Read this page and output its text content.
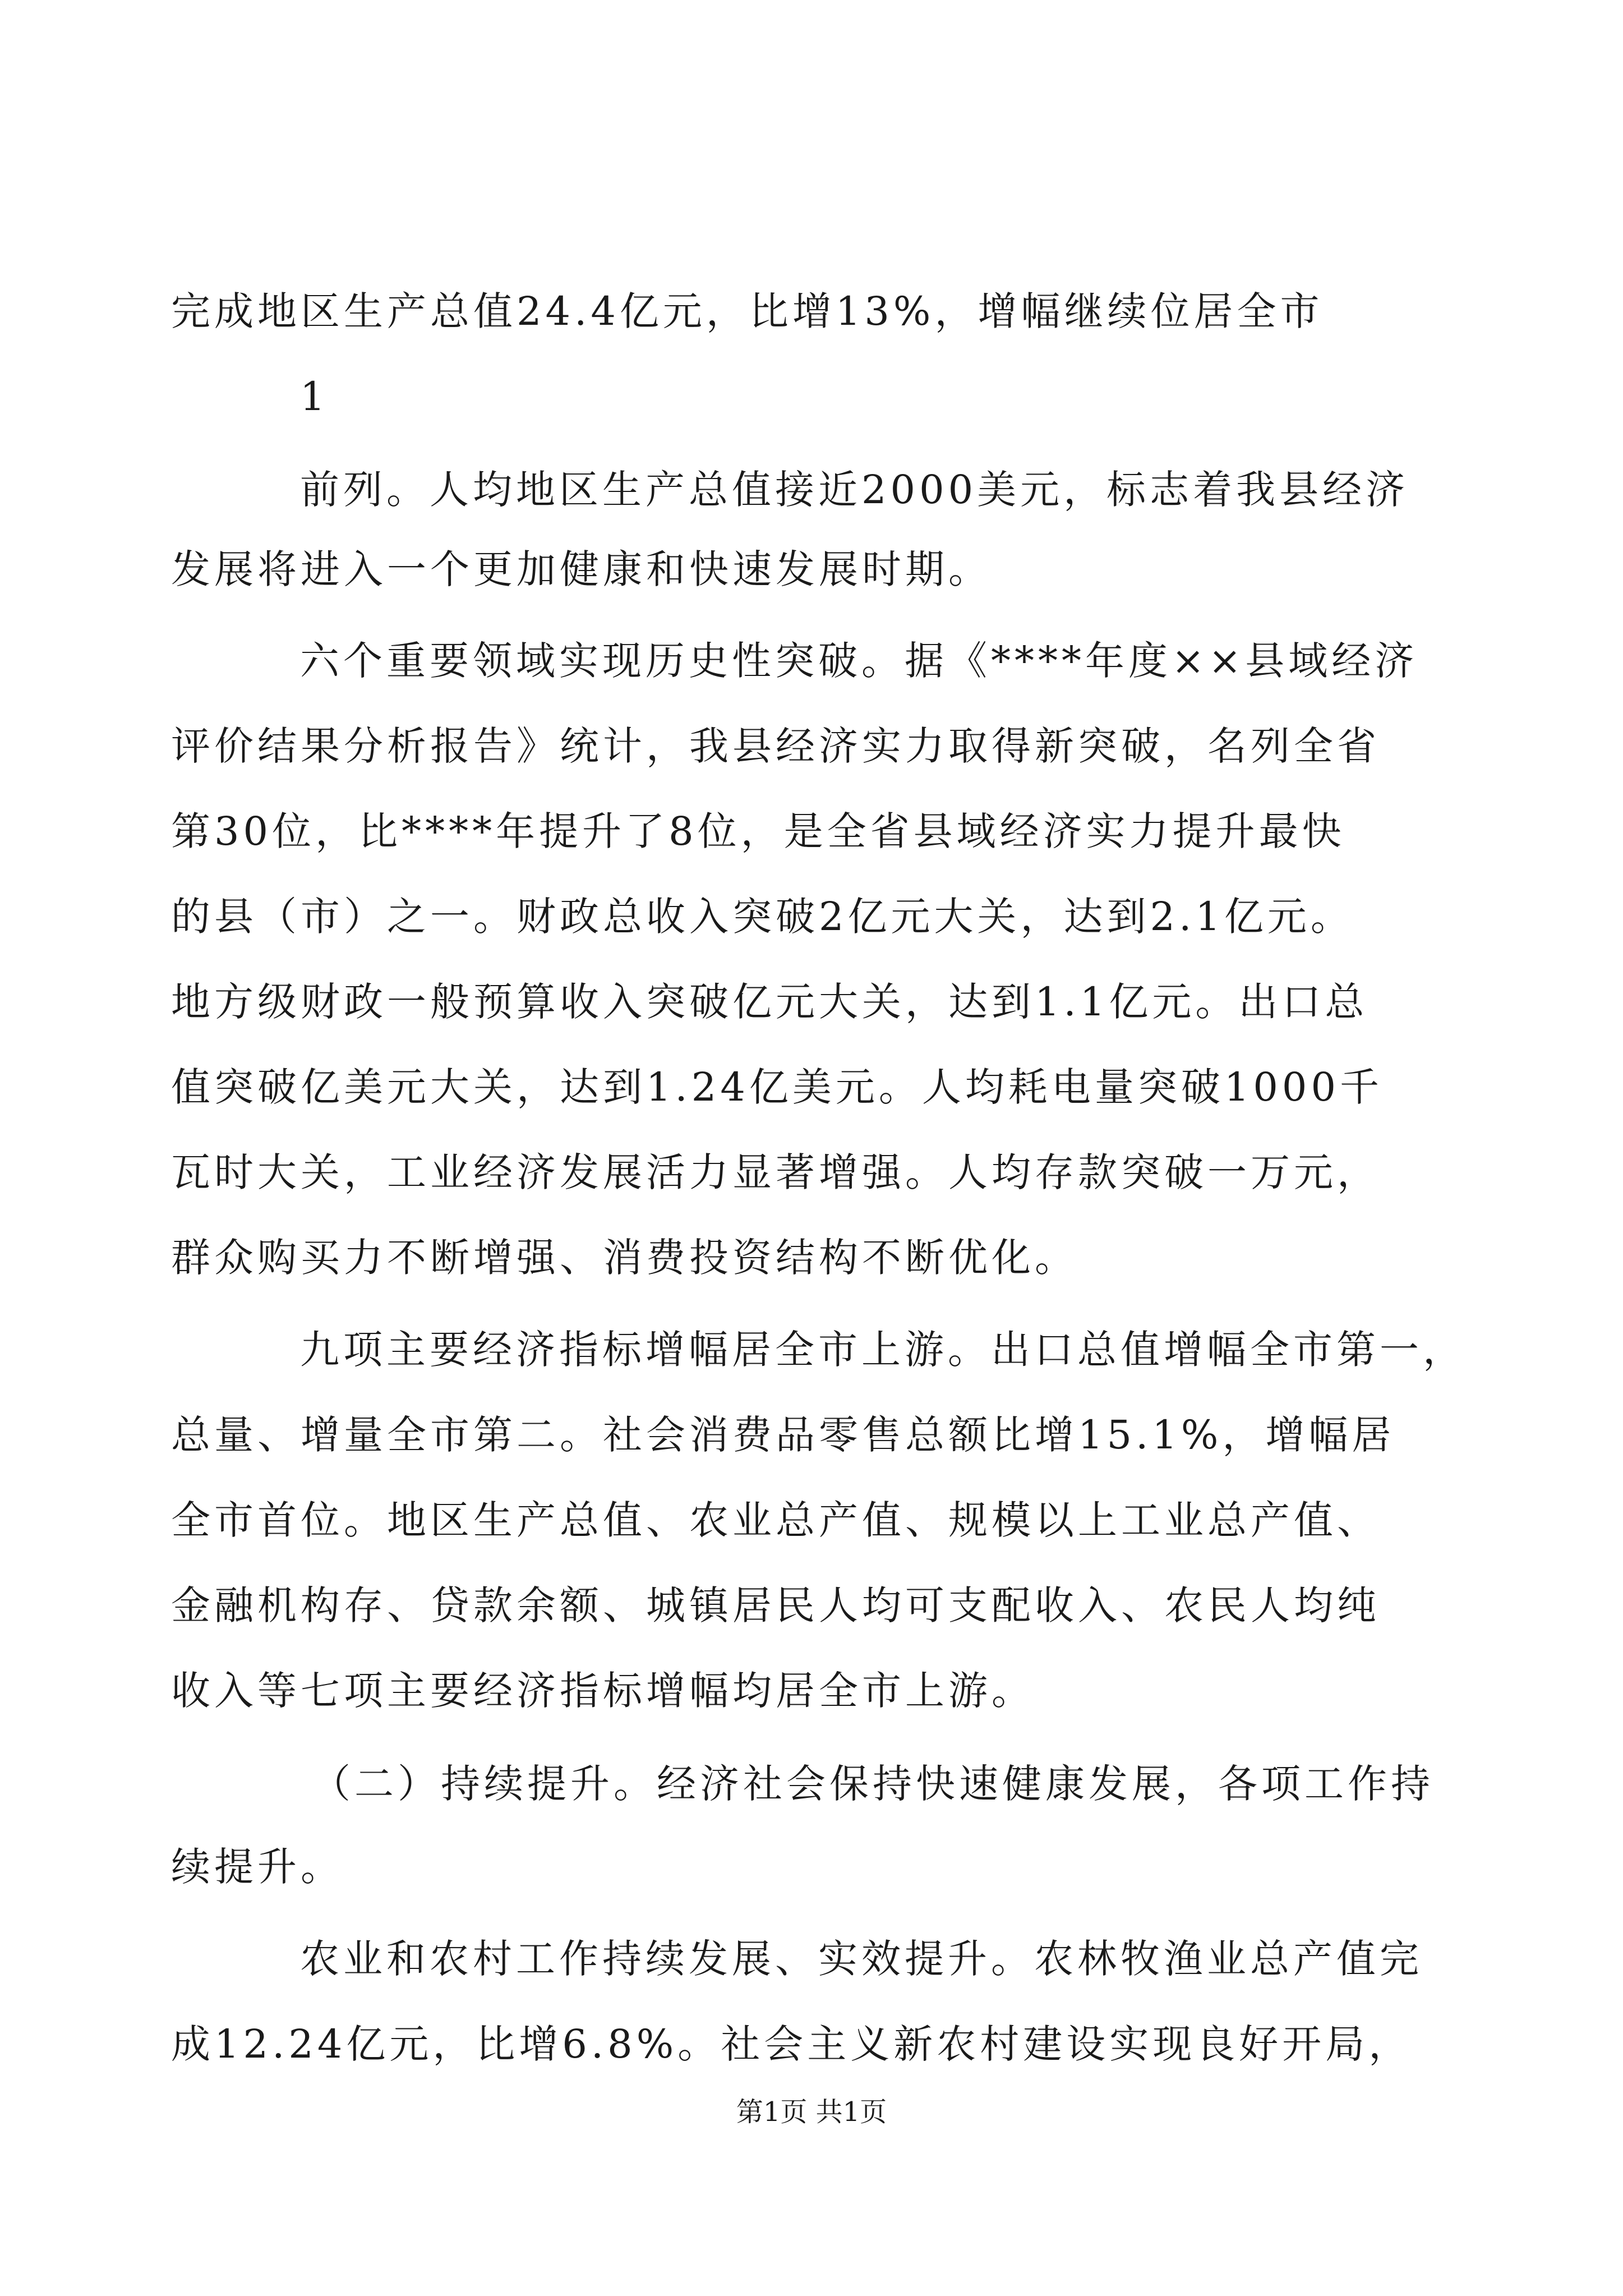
完成地区生产总值24.4亿元，比增13%，增幅继续位居全市

1

前列。人均地区生产总值接近2000美元，标志着我县经济

发展将进入一个更加健康和快速发展时期。

六个重要领域实现历史性突破。据《****年度××县域经济

评价结果分析报告》统计，我县经济实力取得新突破，名列全省

第30位，比****年提升了8位，是全省县域经济实力提升最快

的县（市）之一。财政总收入突破2亿元大关，达到2.1亿元。

地方级财政一般预算收入突破亿元大关，达到1.1亿元。出口总

值突破亿美元大关，达到1.24亿美元。人均耗电量突破1000千

瓦时大关，工业经济发展活力显著增强。人均存款突破一万元，

群众购买力不断增强、消费投资结构不断优化。

九项主要经济指标增幅居全市上游。出口总值增幅全市第一，

总量、增量全市第二。社会消费品零售总额比增15.1%，增幅居

全市首位。地区生产总值、农业总产值、规模以上工业总产值、

金融机构存、贷款余额、城镇居民人均可支配收入、农民人均纯

收入等七项主要经济指标增幅均居全市上游。

（二）持续提升。经济社会保持快速健康发展，各项工作持

续提升。

农业和农村工作持续发展、实效提升。农林牧渔业总产值完

成12.24亿元，比增6.8%。社会主义新农村建设实现良好开局，

第1页 共1页
